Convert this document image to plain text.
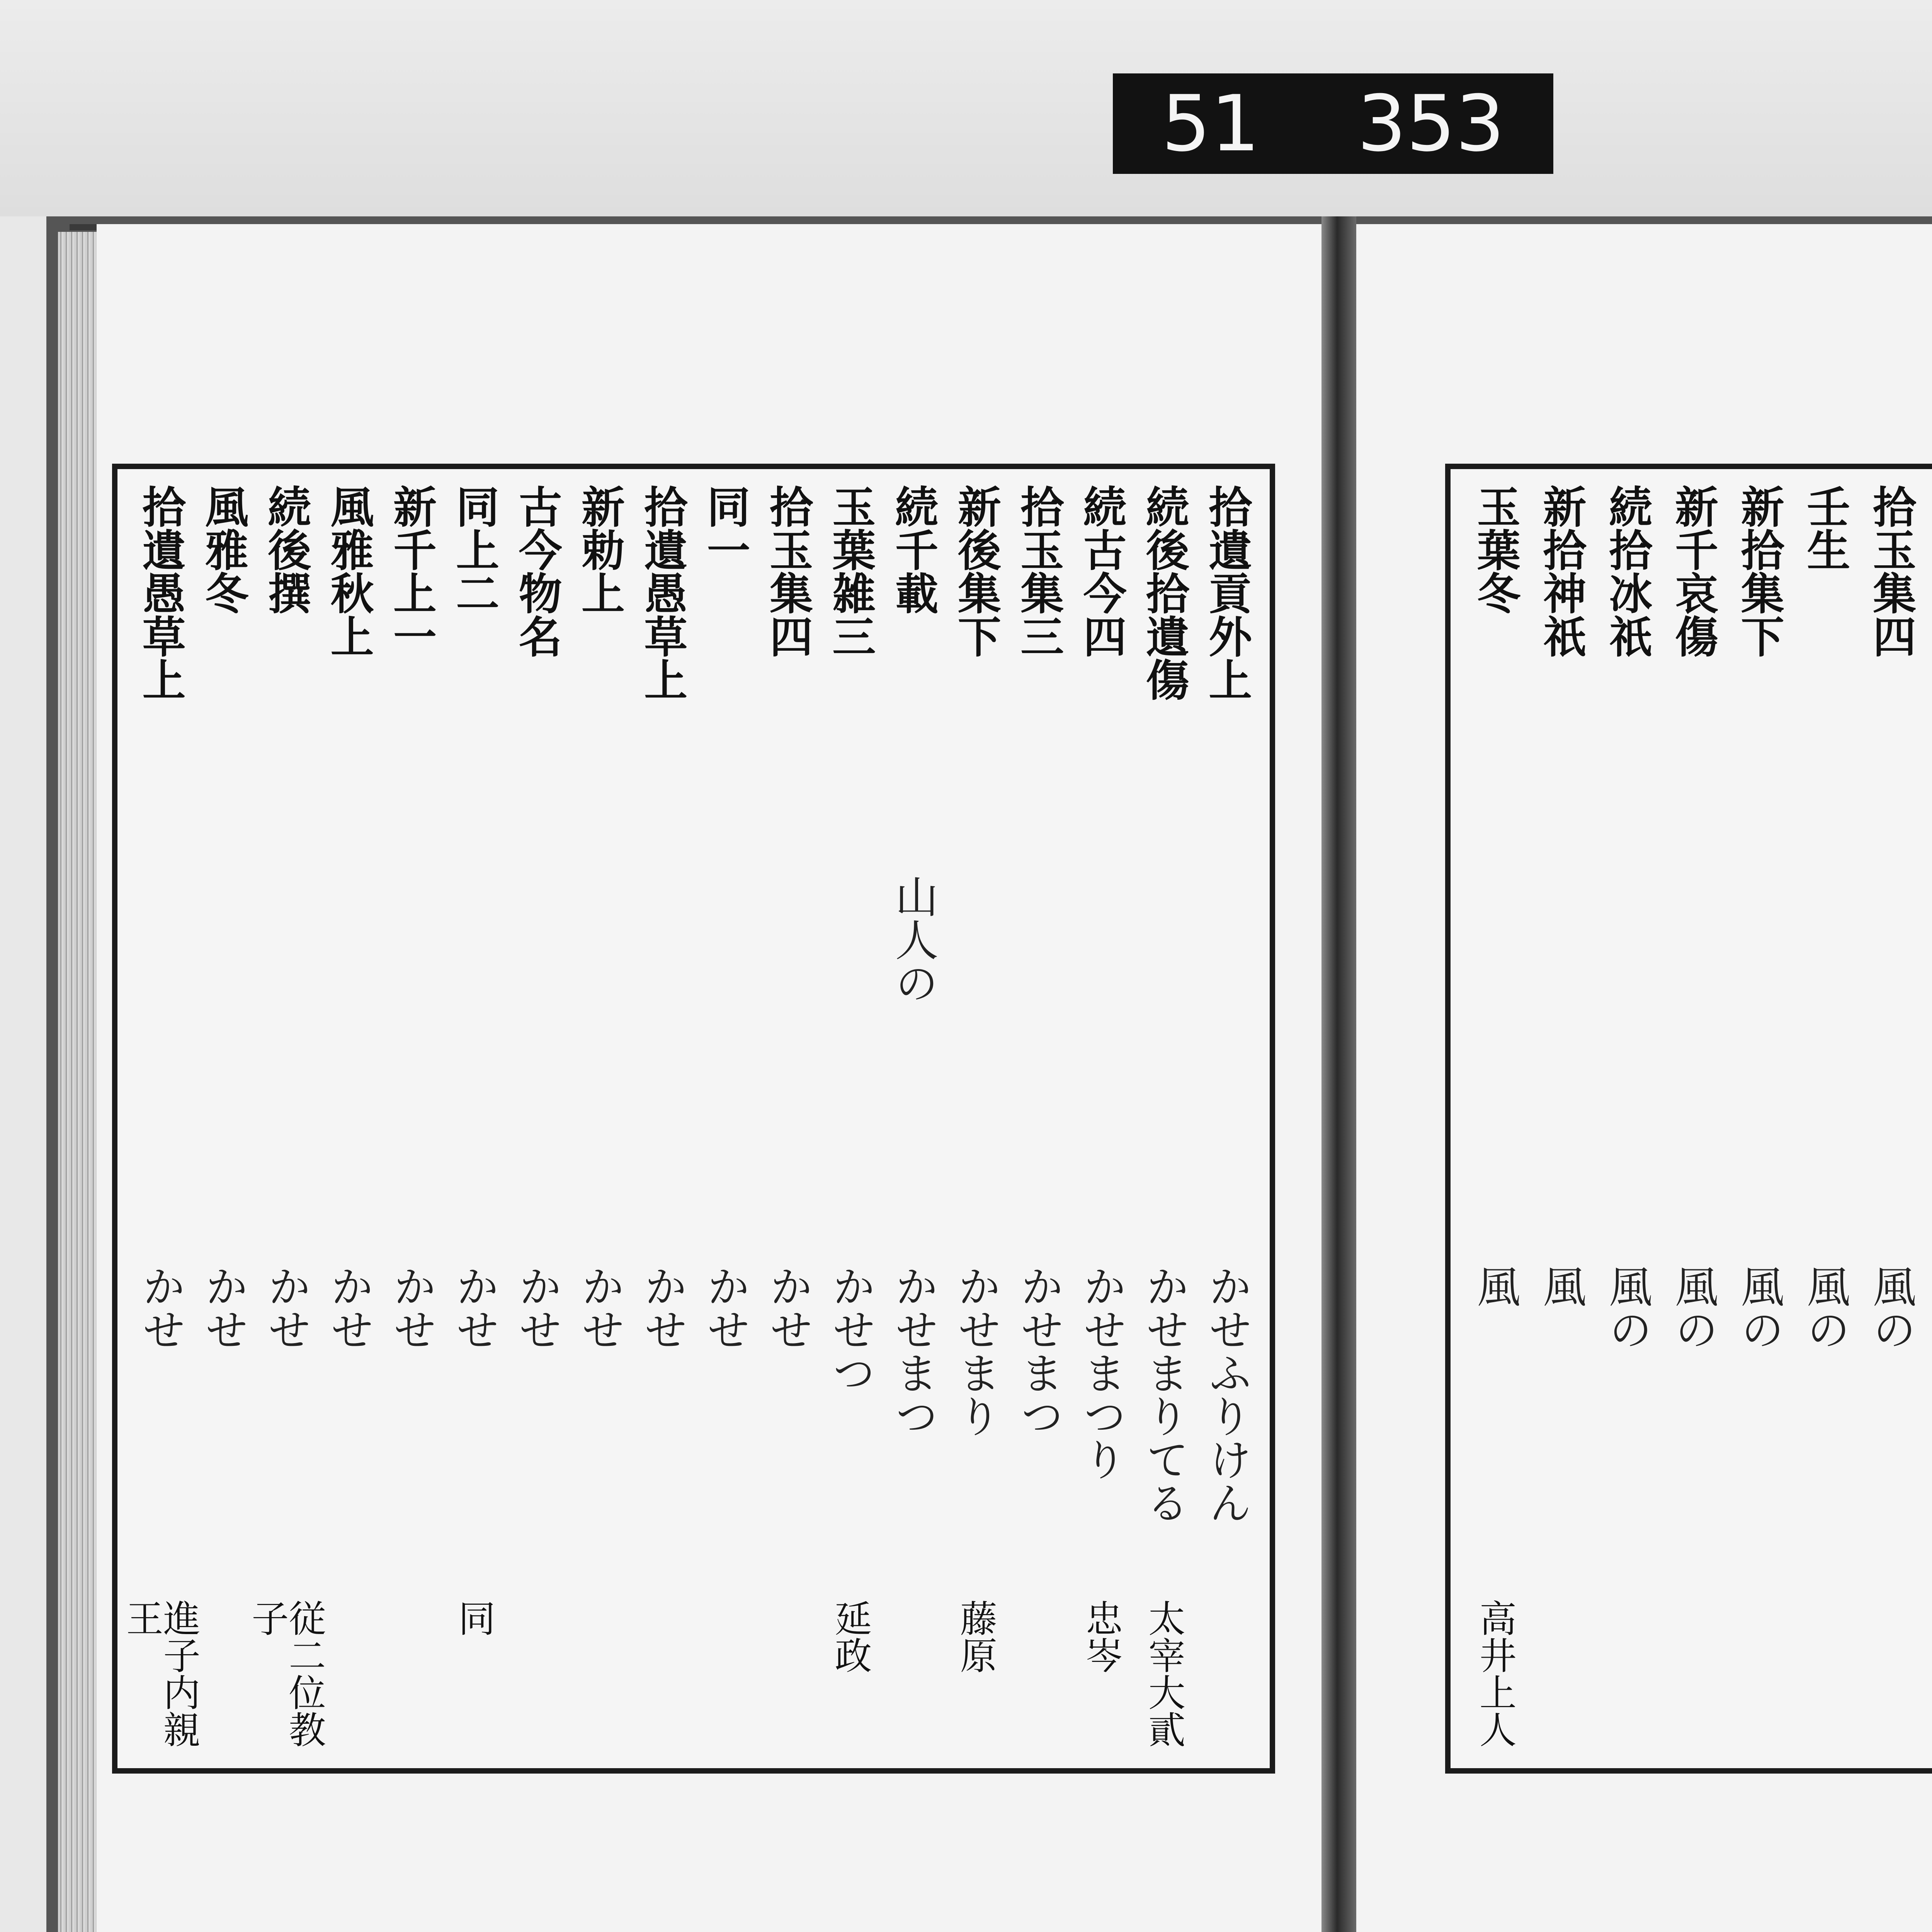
51 353
拾遺貢外上
かせふりけん
続後拾遺傷
かせまりてる
太宰大貳
続古今四
かせまつり
忠岑
拾玉集三
かせまつ
新後集下
かせまり
藤原
続千載
山人の
かせまつ
玉葉雑三
かせつ
延政
拾玉集四
かせ
同一
かせ
拾遺愚草上
かせ
新勅上
かせ
古今物名
かせ
同上二
かせ
同
新千上一
かせ
風雅秋上
かせ
続後撰
かせ
従二位教子
風雅冬
かせ
拾遺愚草上
かせ
進子内親王
拾玉集四
風の
壬生
風の
新拾集下
風の
新千哀傷
風の
続拾冰祇
風の
新拾神祇
風
玉葉冬
風
高井上人
